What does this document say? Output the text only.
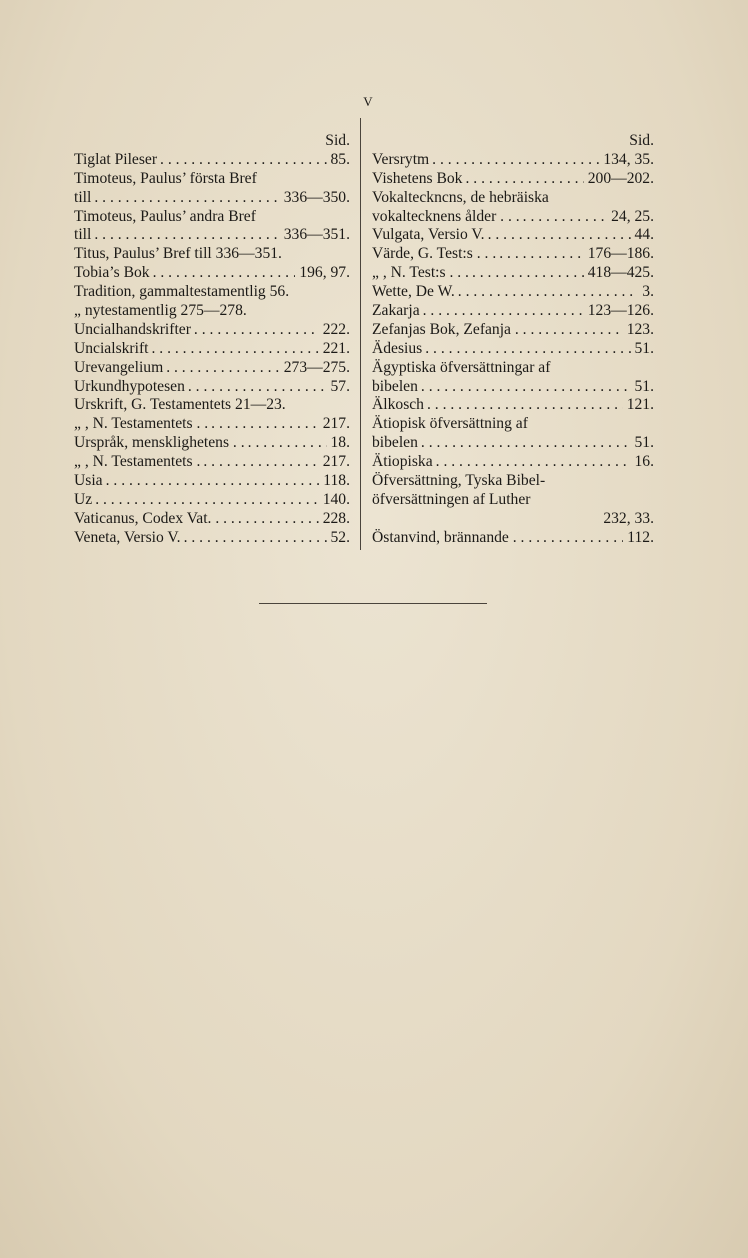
V
Sid.
Tiglat Pileser . . .	85.
Timoteus, Paulus’ första Bref
till . . .	336—350.
Timoteus, Paulus’ andra Bref
till . . .	336—351.
Titus, Paulus’ Bref till 336—351.
Tobia’s Bok . . .	196, 97.
Tradition, gammaltestamentlig 56.
„ nytestamentlig 275—278.
Uncialhandskrifter . . .	222.
Uncialskrift . . .	221.
Urevangelium . . .	273—275.
Urkundhypotesen . . .	57.
Urskrift, G. Testamentets 21—23.
„ , N. Testamentets . . . . .	217.
Urspråk, mensklighetens . . . . .	18.
„ , N. Testamentets . . . .	217.
Usia . . .	118.
Uz . . .	140.
Vaticanus, Codex Vat. . . . . . .	228.
Veneta, Versio V. . . .	52.
Sid.
Versrytm . . .	134, 35.
Vishetens Bok . . .	200—202.
Vokalteckncns, de hebräiska
vokaltecknens ålder . . . . . .	24, 25.
Vulgata, Versio V. . . .	44.
Värde, G. Test:s . . . . . .	176—186.
„ , N. Test:s . . . . . .	418—425.
Wette, De W. . . .	3.
Zakarja . . .	123—126.
Zefanjas Bok, Zefanja . . . . . . .	123.
Ädesius . . .	51.
Ägyptiska öfversättningar af
bibelen . . .	51.
Älkosch . . .	121.
Ätiopisk öfversättning af
bibelen . . .	51.
Ätiopiska . . .	16.
Öfversättning, Tyska Bibel-
öfversättningen af Luther
232, 33.
Östanvind, brännande . . . . . . .	112.
